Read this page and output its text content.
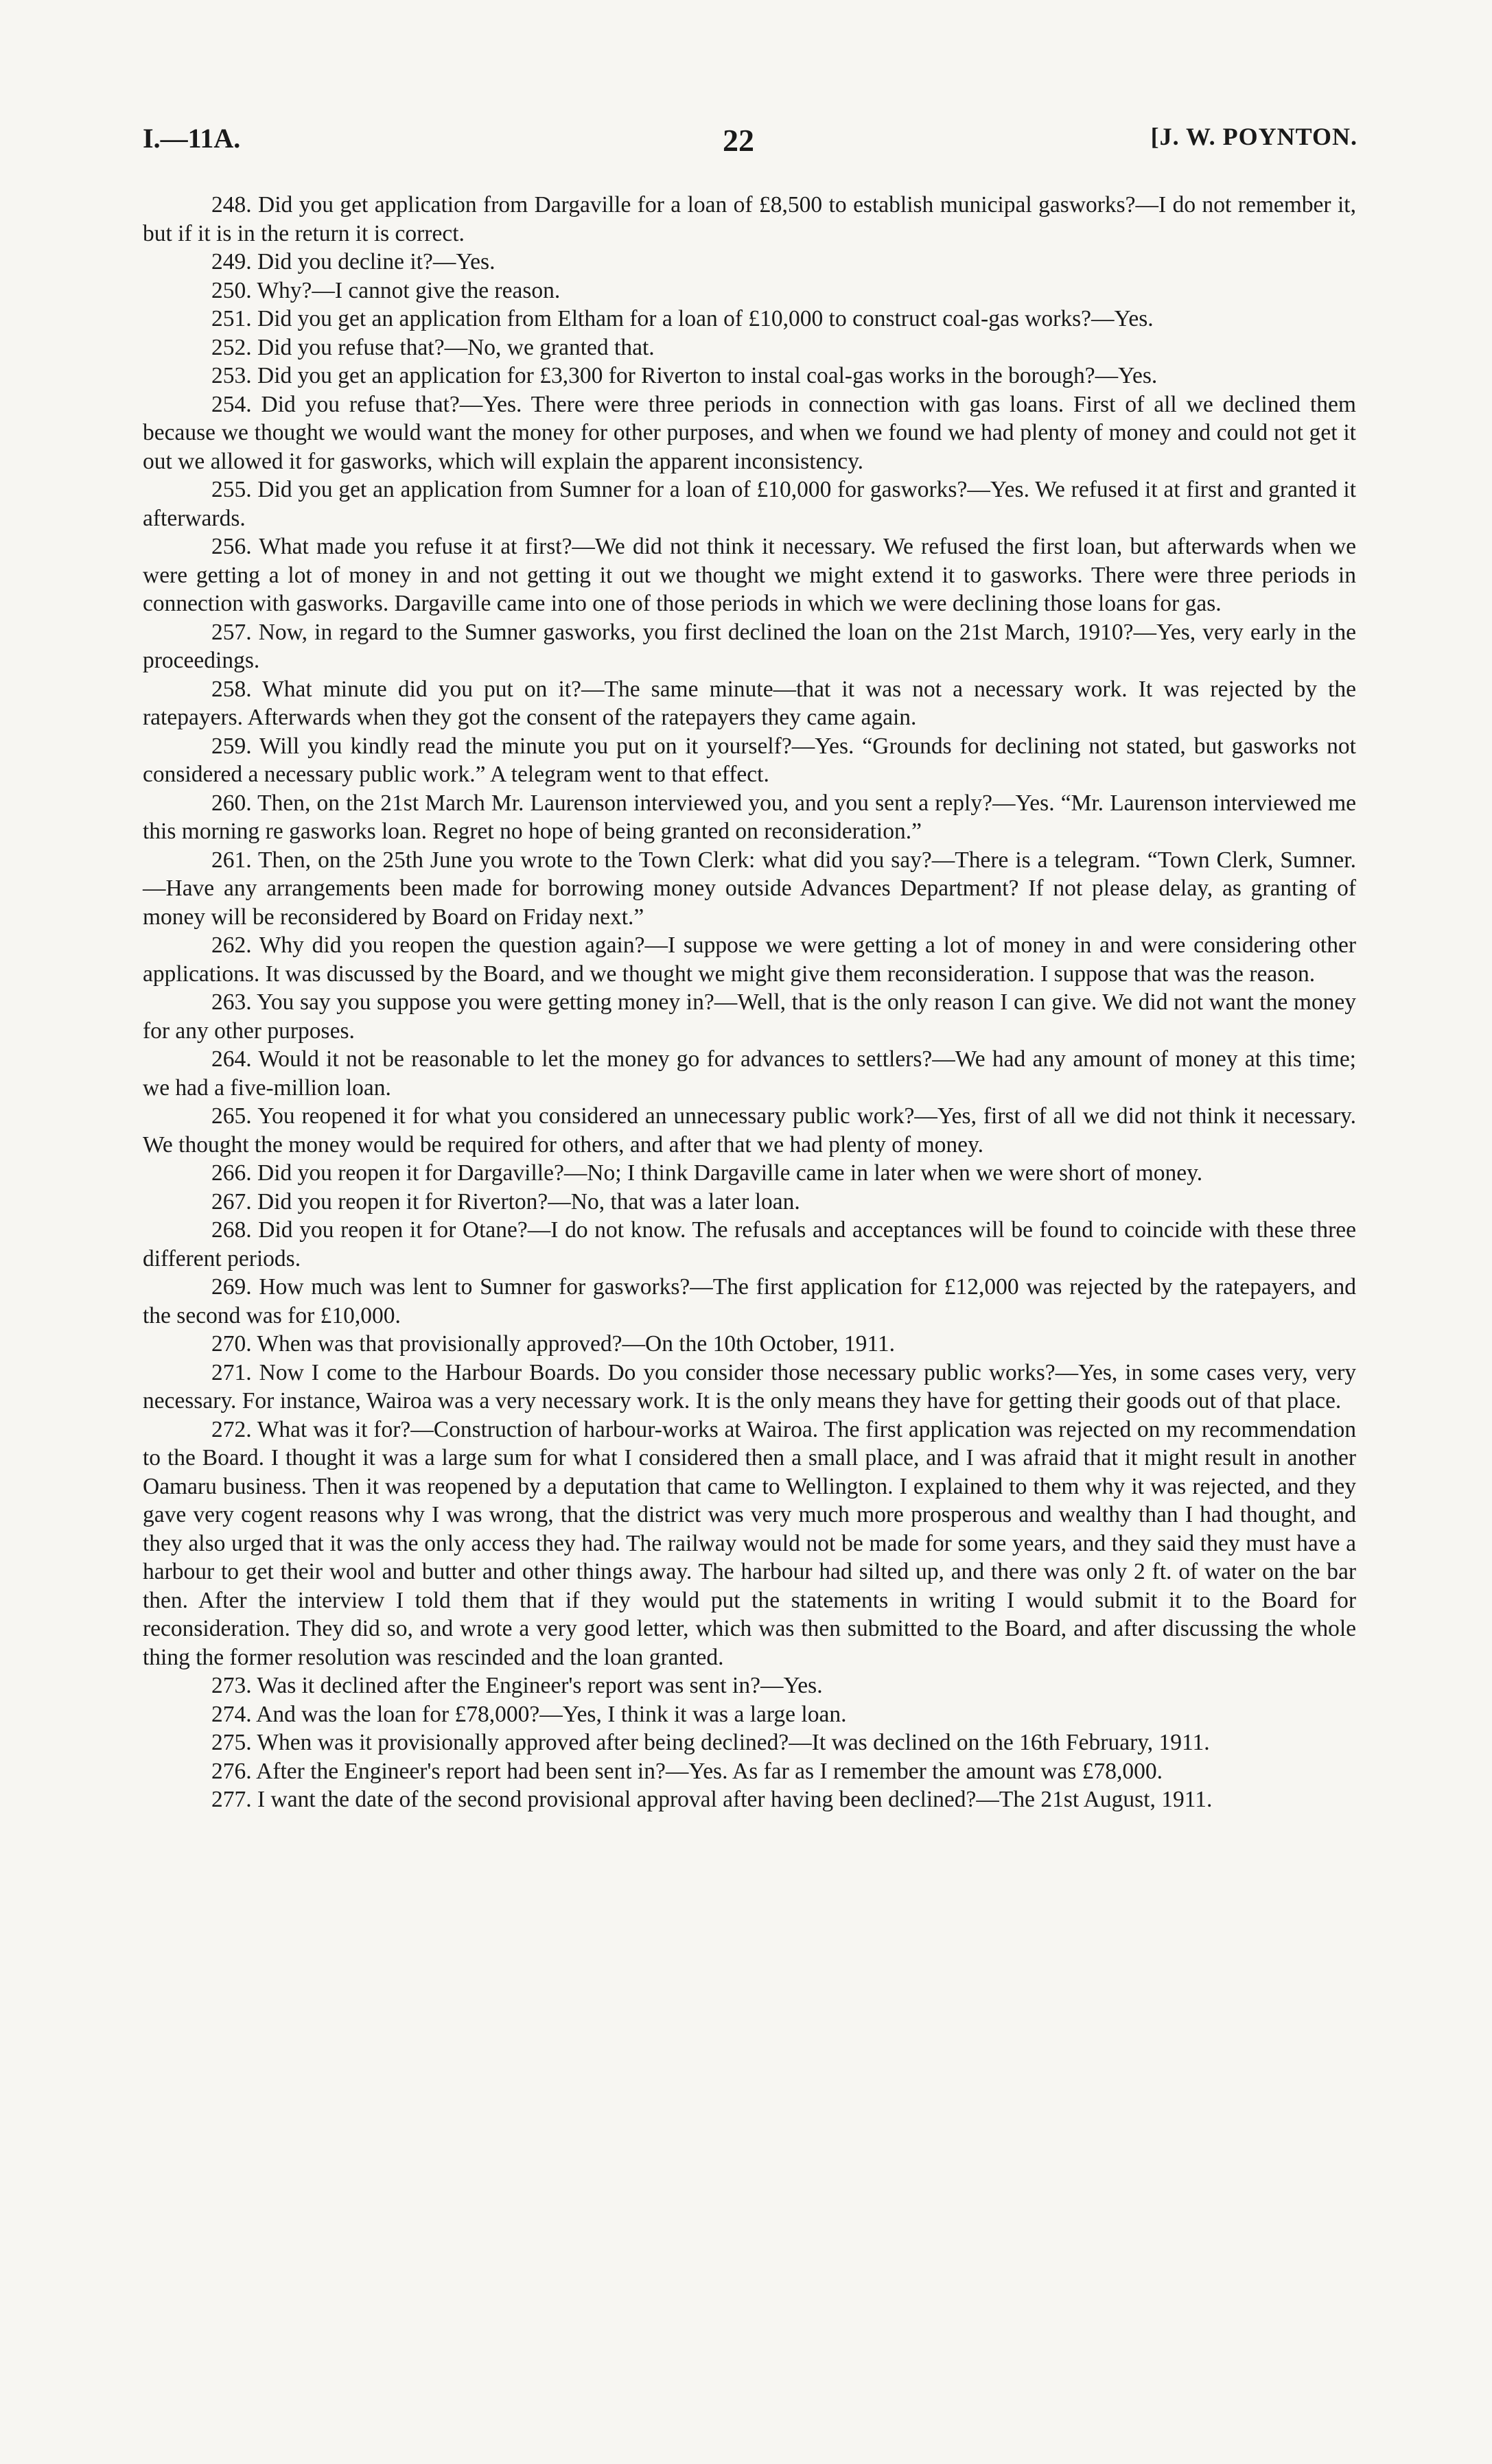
I.—11A.	22	[J. W. POYNTON.

248. Did you get application from Dargaville for a loan of £8,500 to establish municipal gasworks?—I do not remember it, but if it is in the return it is correct.

249. Did you decline it?—Yes.

250. Why?—I cannot give the reason.

251. Did you get an application from Eltham for a loan of £10,000 to construct coal-gas works?—Yes.

252. Did you refuse that?—No, we granted that.

253. Did you get an application for £3,300 for Riverton to instal coal-gas works in the borough?—Yes.

254. Did you refuse that?—Yes. There were three periods in connection with gas loans. First of all we declined them because we thought we would want the money for other purposes, and when we found we had plenty of money and could not get it out we allowed it for gasworks, which will explain the apparent inconsistency.

255. Did you get an application from Sumner for a loan of £10,000 for gasworks?—Yes. We refused it at first and granted it afterwards.

256. What made you refuse it at first?—We did not think it necessary. We refused the first loan, but afterwards when we were getting a lot of money in and not getting it out we thought we might extend it to gasworks. There were three periods in connection with gasworks. Dargaville came into one of those periods in which we were declining those loans for gas.

257. Now, in regard to the Sumner gasworks, you first declined the loan on the 21st March, 1910?—Yes, very early in the proceedings.

258. What minute did you put on it?—The same minute—that it was not a necessary work. It was rejected by the ratepayers. Afterwards when they got the consent of the ratepayers they came again.

259. Will you kindly read the minute you put on it yourself?—Yes. “Grounds for declining not stated, but gasworks not considered a necessary public work.” A telegram went to that effect.

260. Then, on the 21st March Mr. Laurenson interviewed you, and you sent a reply?—Yes. “Mr. Laurenson interviewed me this morning re gasworks loan. Regret no hope of being granted on reconsideration.”

261. Then, on the 25th June you wrote to the Town Clerk: what did you say?—There is a telegram. “Town Clerk, Sumner.—Have any arrangements been made for borrowing money outside Advances Department? If not please delay, as granting of money will be reconsidered by Board on Friday next.”

262. Why did you reopen the question again?—I suppose we were getting a lot of money in and were considering other applications. It was discussed by the Board, and we thought we might give them reconsideration. I suppose that was the reason.

263. You say you suppose you were getting money in?—Well, that is the only reason I can give. We did not want the money for any other purposes.

264. Would it not be reasonable to let the money go for advances to settlers?—We had any amount of money at this time; we had a five-million loan.

265. You reopened it for what you considered an unnecessary public work?—Yes, first of all we did not think it necessary. We thought the money would be required for others, and after that we had plenty of money.

266. Did you reopen it for Dargaville?—No; I think Dargaville came in later when we were short of money.

267. Did you reopen it for Riverton?—No, that was a later loan.

268. Did you reopen it for Otane?—I do not know. The refusals and acceptances will be found to coincide with these three different periods.

269. How much was lent to Sumner for gasworks?—The first application for £12,000 was rejected by the ratepayers, and the second was for £10,000.

270. When was that provisionally approved?—On the 10th October, 1911.

271. Now I come to the Harbour Boards. Do you consider those necessary public works?—Yes, in some cases very, very necessary. For instance, Wairoa was a very necessary work. It is the only means they have for getting their goods out of that place.

272. What was it for?—Construction of harbour-works at Wairoa. The first application was rejected on my recommendation to the Board. I thought it was a large sum for what I considered then a small place, and I was afraid that it might result in another Oamaru business. Then it was reopened by a deputation that came to Wellington. I explained to them why it was rejected, and they gave very cogent reasons why I was wrong, that the district was very much more prosperous and wealthy than I had thought, and they also urged that it was the only access they had. The railway would not be made for some years, and they said they must have a harbour to get their wool and butter and other things away. The harbour had silted up, and there was only 2 ft. of water on the bar then. After the interview I told them that if they would put the statements in writing I would submit it to the Board for reconsideration. They did so, and wrote a very good letter, which was then submitted to the Board, and after discussing the whole thing the former resolution was rescinded and the loan granted.

273. Was it declined after the Engineer's report was sent in?—Yes.

274. And was the loan for £78,000?—Yes, I think it was a large loan.

275. When was it provisionally approved after being declined?—It was declined on the 16th February, 1911.

276. After the Engineer's report had been sent in?—Yes. As far as I remember the amount was £78,000.

277. I want the date of the second provisional approval after having been declined?—The 21st August, 1911.
